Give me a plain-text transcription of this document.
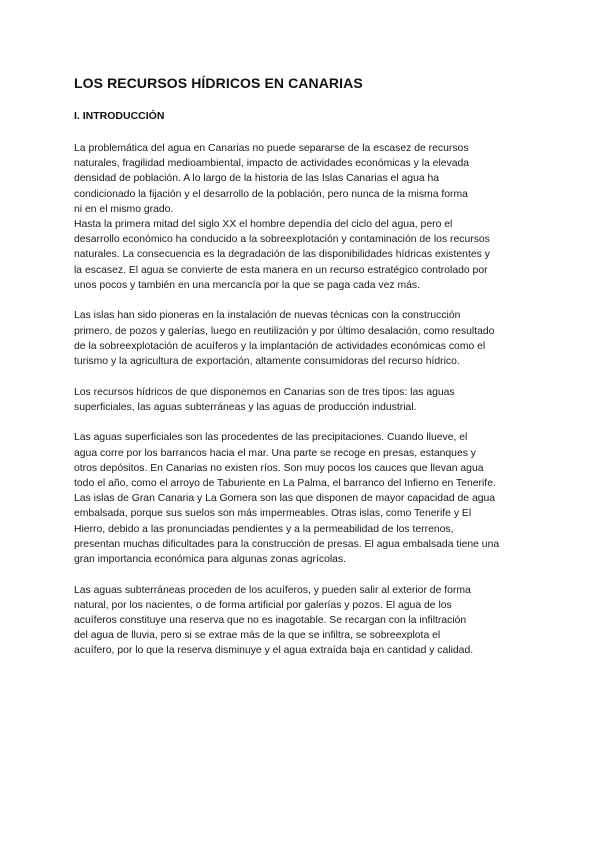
LOS RECURSOS HÍDRICOS EN CANARIAS
I. INTRODUCCIÓN

La problemática del agua en Canarias no puede separarse de la escasez de recursos
naturales, fragilidad medioambiental, impacto de actividades económicas y la elevada
densidad de población. A lo largo de la historia de las Islas Canarias el agua ha
condicionado la fijación y el desarrollo de la población, pero nunca de la misma forma
ni en el mismo grado.

Hasta la primera mitad del siglo XX el hombre dependía del ciclo del agua, pero el
desarrollo económico ha conducido a la sobreexplotación y contaminación de los recursos
naturales. La consecuencia es la degradación de las disponibilidades hídricas existentes y
la escasez. El agua se convierte de esta manera en un recurso estratégico controlado por
unos pocos y también en una mercancía por la que se paga cada vez más.

Las islas han sido pioneras en la instalación de nuevas técnicas con la construcción
primero, de pozos y galerías, luego en reutilización y por último desalación, como resultado
de la sobreexplotación de acuíferos y la implantación de actividades económicas como el
turismo y la agricultura de exportación, altamente consumidoras del recurso hídrico.

Los recursos hídricos de que disponemos en Canarias son de tres tipos: las aguas
superficiales, las aguas subterráneas y las aguas de producción industrial.

Las aguas superficiales son las procedentes de las precipitaciones. Cuando llueve, el
agua corre por los barrancos hacia el mar. Una parte se recoge en presas, estanques y
otros depósitos. En Canarias no existen ríos. Son muy pocos los cauces que llevan agua
todo el año, como el arroyo de Taburiente en La Palma, el barranco del Infierno en Tenerife.
Las islas de Gran Canaria y La Gomera son las que disponen de mayor capacidad de agua
embalsada, porque sus suelos son más impermeables. Otras islas, como Tenerife y El
Hierro, debido a las pronunciadas pendientes y a la permeabilidad de los terrenos,
presentan muchas dificultades para la construcción de presas. El agua embalsada tiene una
gran importancia económica para algunas zonas agrícolas.

Las aguas subterráneas proceden de los acuíferos, y pueden salir al exterior de forma
natural, por los nacientes, o de forma artificial por galerías y pozos. El agua de los
acuíferos constituye una reserva que no es inagotable. Se recargan con la infiltración
del agua de lluvia, pero si se extrae más de la que se infiltra, se sobreexplota el
acuífero, por lo que la reserva disminuye y el agua extraída baja en cantidad y calidad.
